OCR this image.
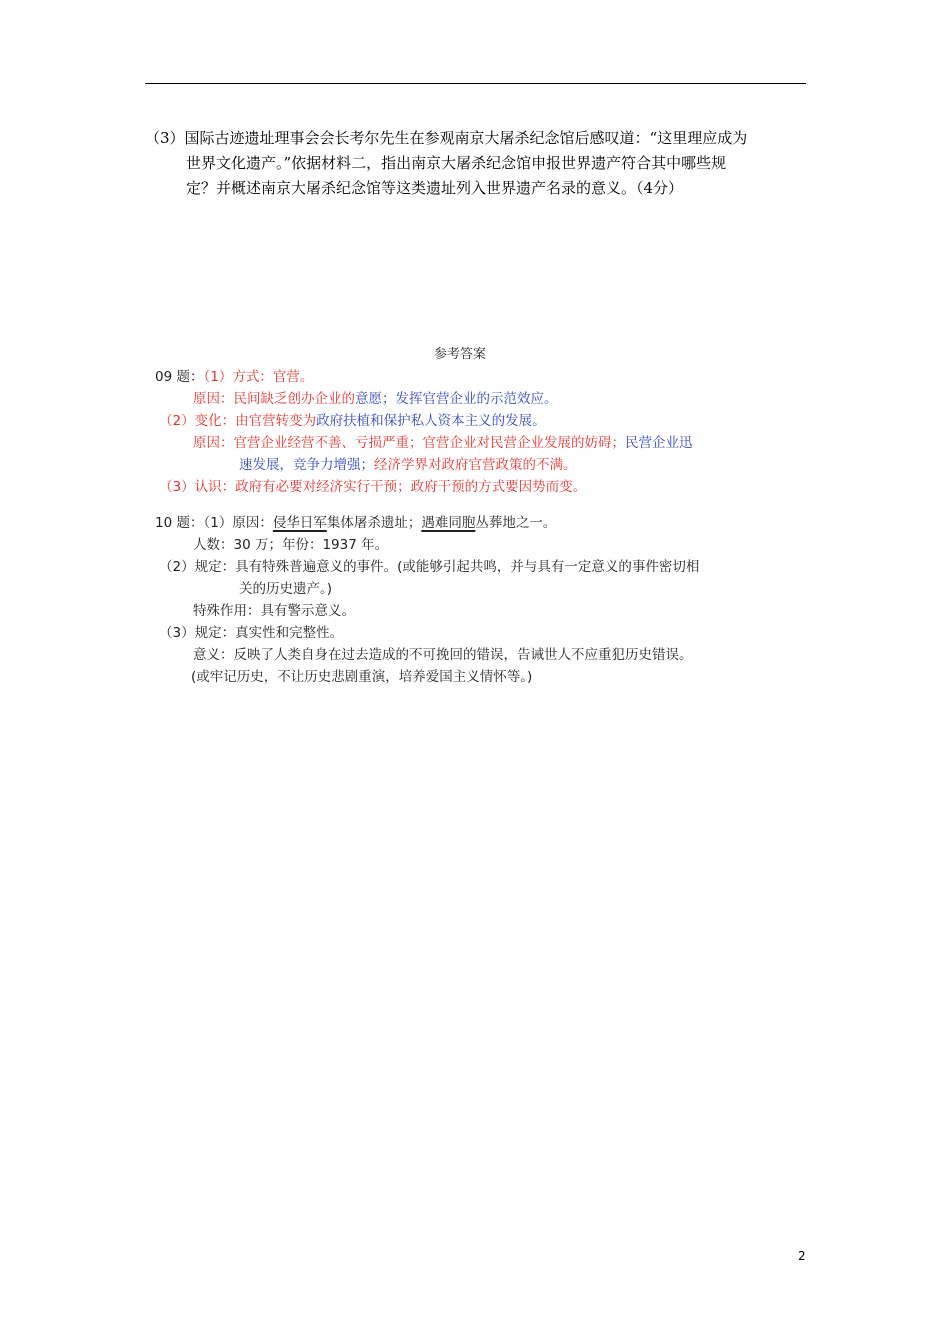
（3）国际古迹遗址理事会会长考尔先生在参观南京大屠杀纪念馆后感叹道：“这里理应成为
世界文化遗产。”依据材料二，指出南京大屠杀纪念馆申报世界遗产符合其中哪些规
定？并概述南京大屠杀纪念馆等这类遗址列入世界遗产名录的意义。（4分）
参考答案
09 题：（1）方式：官营。
原因：民间缺乏创办企业的意愿；发挥官营企业的示范效应。
（2）变化：由官营转变为政府扶植和保护私人资本主义的发展。
原因：官营企业经营不善、亏损严重；官营企业对民营企业发展的妨碍；民营企业迅
速发展，竞争力增强；经济学界对政府官营政策的不满。
（3）认识：政府有必要对经济实行干预；政府干预的方式要因势而变。
10 题：（1）原因：侵华日军集体屠杀遗址；遇难同胞丛葬地之一。
人数：30 万；年份：1937 年。
（2）规定：具有特殊普遍意义的事件。(或能够引起共鸣，并与具有一定意义的事件密切相
关的历史遗产。)
特殊作用：具有警示意义。
（3）规定：真实性和完整性。
意义：反映了人类自身在过去造成的不可挽回的错误，告诫世人不应重犯历史错误。
(或牢记历史，不让历史悲剧重演，培养爱国主义情怀等。)
2
